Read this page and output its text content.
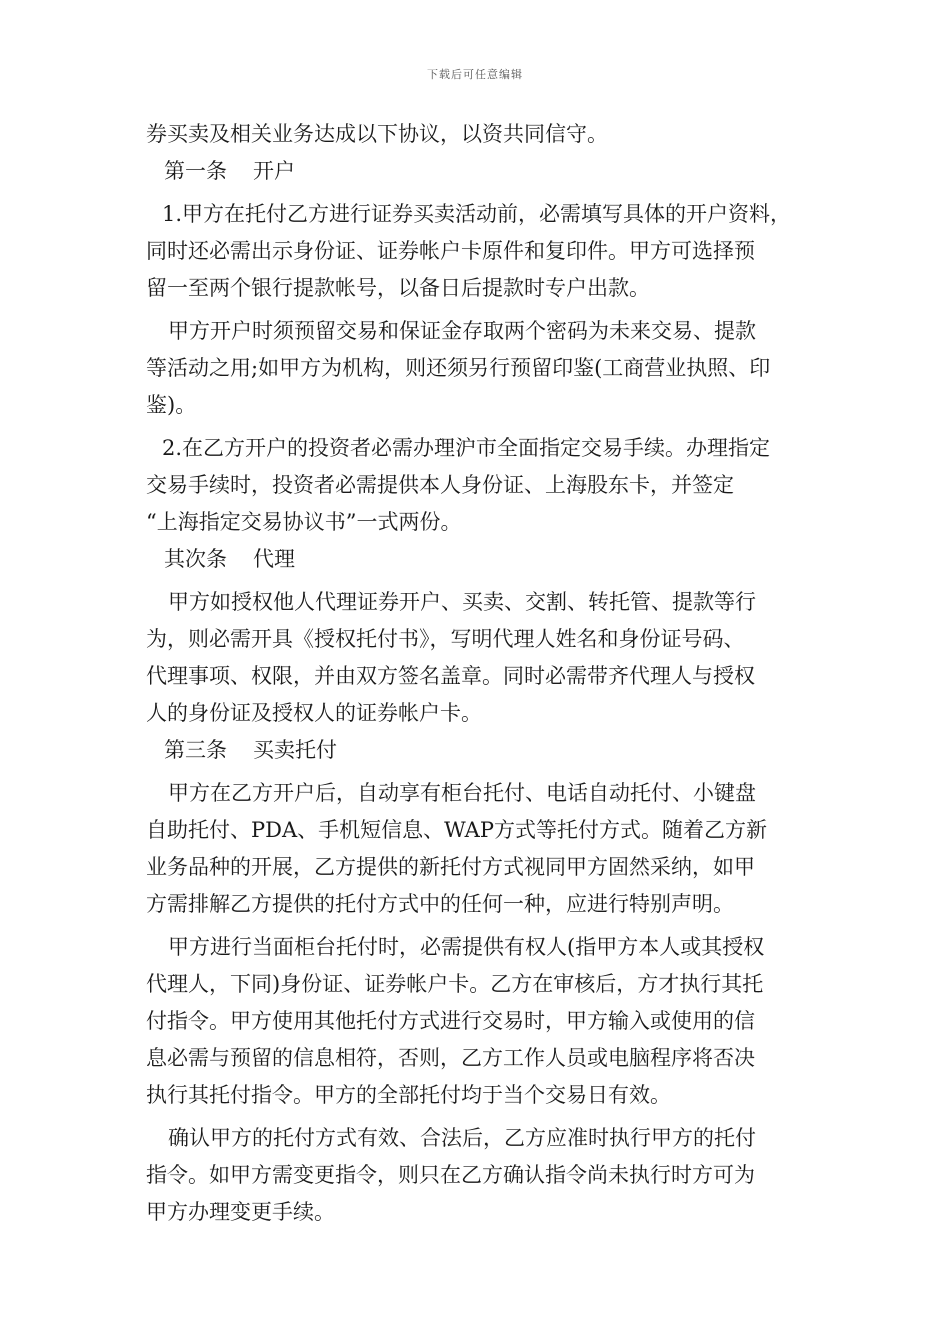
下载后可任意编辑
券买卖及相关业务达成以下协议，以资共同信守。
第一条 开户
1.甲方在托付乙方进行证券买卖活动前，必需填写具体的开户资料，
同时还必需出示身份证、证券帐户卡原件和复印件。甲方可选择预
留一至两个银行提款帐号，以备日后提款时专户出款。
甲方开户时须预留交易和保证金存取两个密码为未来交易、提款
等活动之用;如甲方为机构，则还须另行预留印鉴(工商营业执照、印
鉴)。
2.在乙方开户的投资者必需办理沪市全面指定交易手续。办理指定
交易手续时，投资者必需提供本人身份证、上海股东卡，并签定
“上海指定交易协议书”一式两份。
其次条 代理
甲方如授权他人代理证券开户、买卖、交割、转托管、提款等行
为，则必需开具《授权托付书》，写明代理人姓名和身份证号码、
代理事项、权限，并由双方签名盖章。同时必需带齐代理人与授权
人的身份证及授权人的证券帐户卡。
第三条 买卖托付
甲方在乙方开户后，自动享有柜台托付、电话自动托付、小键盘
自助托付、PDA、手机短信息、WAP方式等托付方式。随着乙方新
业务品种的开展，乙方提供的新托付方式视同甲方固然采纳，如甲
方需排解乙方提供的托付方式中的任何一种，应进行特别声明。
甲方进行当面柜台托付时，必需提供有权人(指甲方本人或其授权
代理人，下同)身份证、证券帐户卡。乙方在审核后，方才执行其托
付指令。甲方使用其他托付方式进行交易时，甲方输入或使用的信
息必需与预留的信息相符，否则，乙方工作人员或电脑程序将否决
执行其托付指令。甲方的全部托付均于当个交易日有效。
确认甲方的托付方式有效、合法后，乙方应准时执行甲方的托付
指令。如甲方需变更指令，则只在乙方确认指令尚未执行时方可为
甲方办理变更手续。
